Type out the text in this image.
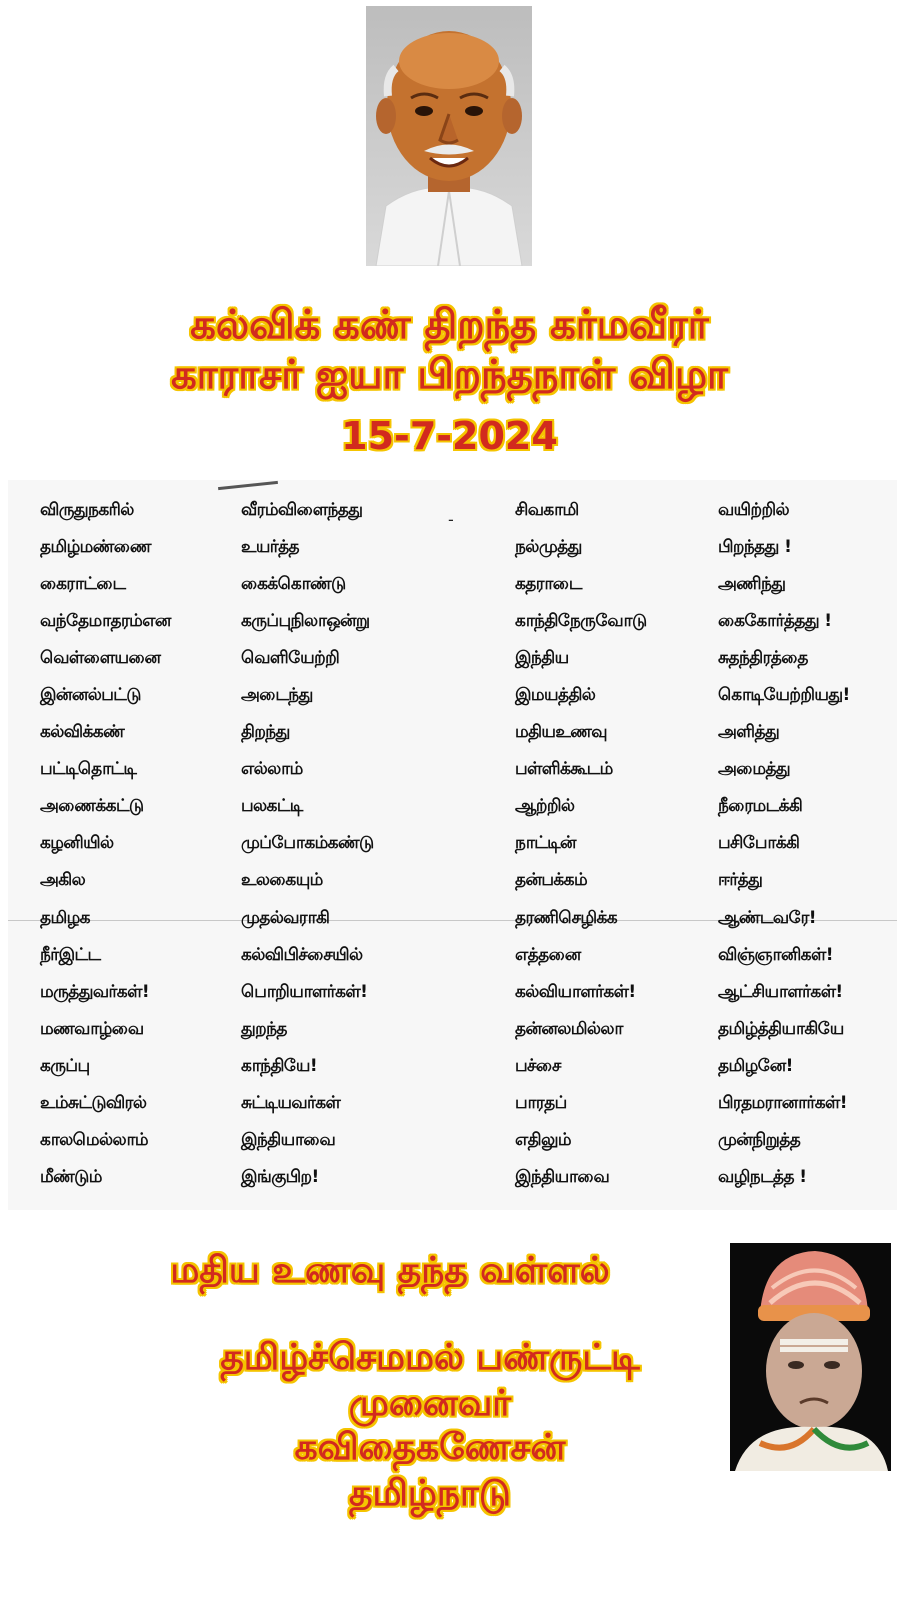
கல்விக் கண் திறந்த கர்மவீரர்
காராசர் ஐயா பிறந்தநாள் விழா
15-7-2024
-
விருதுநகரில்	வீரம்விளைந்தது	சிவகாமி	வயிற்றில்
தமிழ்மண்ணை	உயர்த்த	நல்முத்து	பிறந்தது !
கைராட்டை	கைக்கொண்டு	கதராடை	அணிந்து
வந்தேமாதரம்என	கருப்புநிலாஒன்று	காந்திநேருவோடு	கைகோர்த்தது !
வெள்ளையனை	வெளியேற்றி	இந்திய	சுதந்திரத்தை
இன்னல்பட்டு	அடைந்து	இமயத்தில்	கொடியேற்றியது!
கல்விக்கண்	திறந்து	மதியஉணவு	அளித்து
பட்டிதொட்டி	எல்லாம்	பள்ளிக்கூடம்	அமைத்து
அணைக்கட்டு	பலகட்டி	ஆற்றில்	நீரைமடக்கி
கழனியில்	முப்போகம்கண்டு	நாட்டின்	பசிபோக்கி
அகில	உலகையும்	தன்பக்கம்	ஈர்த்து
தமிழக	முதல்வராகி	தரணிசெழிக்க	ஆண்டவரே!
நீர்இட்ட	கல்விபிச்சையில்	எத்தனை	விஞ்ஞானிகள்!
மருத்துவர்கள்!	பொறியாளர்கள்!	கல்வியாளர்கள்!	ஆட்சியாளர்கள்!
மணவாழ்வை	துறந்த	தன்னலமில்லா	தமிழ்த்தியாகியே
கருப்பு	காந்தியே!	பச்சை	தமிழனே!
உம்சுட்டுவிரல்	சுட்டியவர்கள்	பாரதப்	பிரதமரானார்கள்!
காலமெல்லாம்	இந்தியாவை	எதிலும்	முன்நிறுத்த
மீண்டும்	இங்குபிற!	இந்தியாவை	வழிநடத்த !
மதிய உணவு தந்த வள்ளல்
தமிழ்ச்செமமல் பண்ருட்டி
முனைவர்
கவிதைகணேசன்
தமிழ்நாடு
